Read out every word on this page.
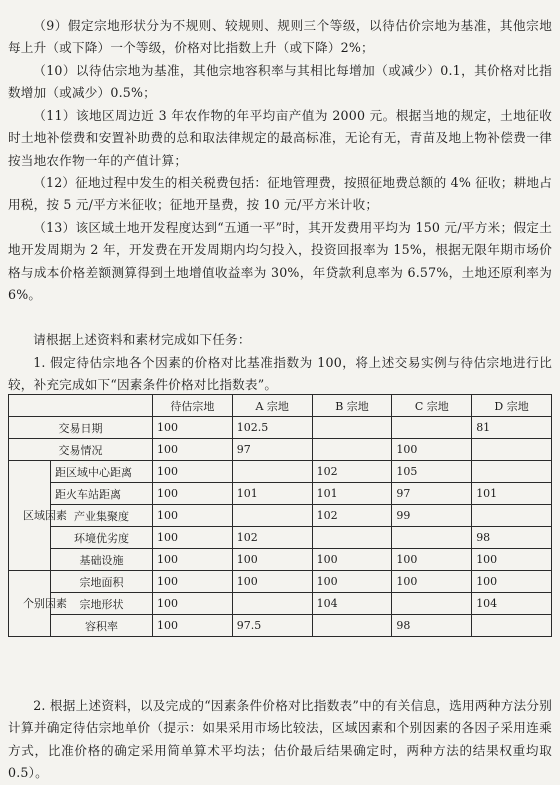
（9）假定宗地形状分为不规则、较规则、规则三个等级，以待估价宗地为基准，其他宗地每上升（或下降）一个等级，价格对比指数上升（或下降）2%；

（10）以待估宗地为基准，其他宗地容积率与其相比每增加（或减少）0.1，其价格对比指数增加（或减少）0.5%；

（11）该地区周边近 3 年农作物的年平均亩产值为 2000 元。根据当地的规定，土地征收时土地补偿费和安置补助费的总和取法律规定的最高标准，无论有无，青苗及地上物补偿费一律按当地农作物一年的产值计算；

（12）征地过程中发生的相关税费包括：征地管理费，按照征地费总额的 4% 征收；耕地占用税，按 5 元/平方米征收；征地开垦费，按 10 元/平方米计收；

（13）该区域土地开发程度达到“五通一平”时，其开发费用平均为 150 元/平方米；假定土地开发周期为 2 年，开发费在开发周期内均匀投入，投资回报率为 15%，根据无限年期市场价格与成本价格差额测算得到土地增值收益率为 30%，年贷款利息率为 6.57%，土地还原利率为 6%。

请根据上述资料和素材完成如下任务：

1. 假定待估宗地各个因素的价格对比基准指数为 100，将上述交易实例与待估宗地进行比较，补充完成如下“因素条件价格对比指数表”。

		待估宗地	A 宗地	B 宗地	C 宗地	D 宗地
交易日期		100	102.5			81
交易情况		100	97		100	
区域因素	距区域中心距离	100		102	105	
	距火车站距离	100	101	101	97	101
	产业集聚度	100		102	99	
	环境优劣度	100	102			98
	基础设施	100	100	100	100	100
个别因素	宗地面积	100	100	100	100	100
	宗地形状	100		104		104
	容积率	100	97.5		98	

2. 根据上述资料，以及完成的“因素条件价格对比指数表”中的有关信息，选用两种方法分别计算并确定待估宗地单价（提示：如果采用市场比较法，区域因素和个别因素的各因子采用连乘方式，比准价格的确定采用简单算术平均法；估价最后结果确定时，两种方法的结果权重均取 0.5）。
